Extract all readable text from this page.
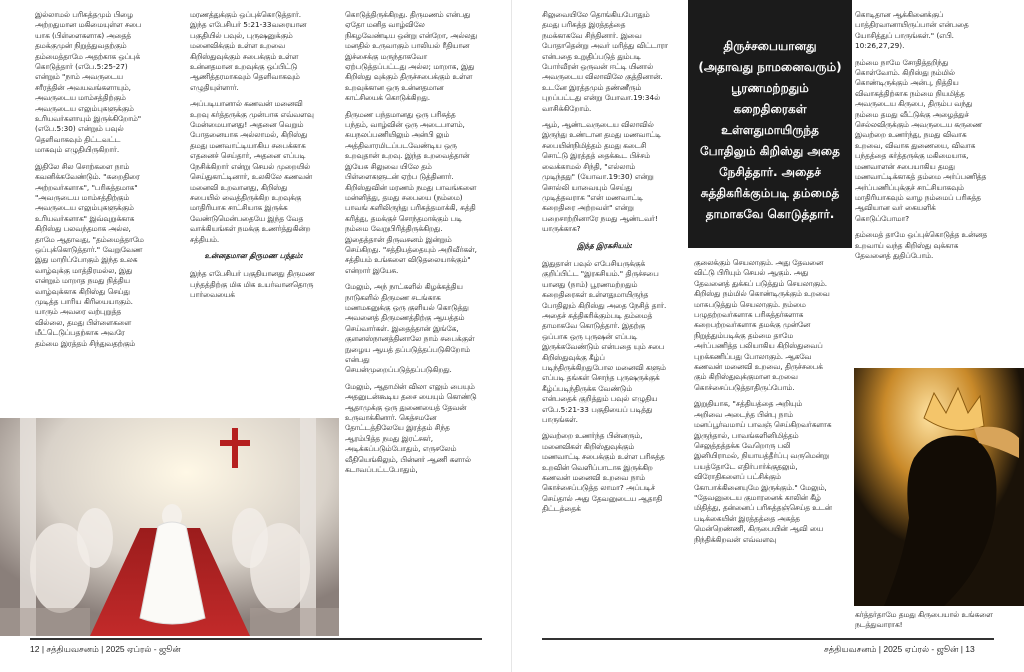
இல்லாமல் பரிசுத்தமும் பிழை அற்றதுமான மகிமையுள்ள சபை யாக (பிள்ளைகளாக) அதைத் தமக்குமுன் நிறுத்துவதற்கும் தம்மைத்தாமே அதற்காக ஒப்புக் கொடுத்தார் (எபே.5:25-27) என்றும் "நாம் அவருடைய சரீரத்தின் அவயவங்களாயும், அவருடைய மாம்சத்திற்கும் அவருடைய எலும்புகளுக்கும் உரியவர்களாயும் இருக்கிறோம்" (எபே.5:30) என்றும் பவுல் தெளிவாகவும் திட்டவட்ட மாகவும் எழுதியிருகிறார்.

இதிலே சில சொற்களை நாம் கவனிக்கவேண்டும். "கறைதிரை அற்றவர்களாக", "பரிசுத்தமாக" "அவருடைய மாம்சத்திற்கும் அவருடைய எலும்புகளுக்கும் உரியவர்களாக" இவ்வுறுக்காக கிறிஸ்து பலவந்தமாக அல்ல, தாமே ஆதாவது, "தம்மைத்தாமே ஒப்புக்கொடுத்தார்." வேறுவேண இது மாறிப்போகும் இந்த உலக வாழ்வுக்கு மாத்திரமல்ல, இது என்றும் மாறாத நமது நித்திய வாழ்வுக்காக கிறிஸ்து செய்து முடித்த பாரிய கிரியையாகும். யாரும் அவரை வற்புறுத்த வில்லை, தமது பிள்ளைகளை மீட்டெடுப்பதற்காக அவரே தம்மை இரத்தம் சிந்துவதற்கும்

மரணத்துக்கும் ஒப்புக்கொடுத்தார். இந்த எபேசியர் 5:21-33வரையான பகுதியில் பவுல், புருஷனுக்கும் மனைவிக்கும் உள்ள உறவை கிறிஸ்துவுக்கும் சபைக்கும் உள்ள உன்னதமான உறவுக்கு ஒப்பிட்டு ஆணித்தரமாகவும் தெளிவாகவும் எழுதியுள்ளார்.

அப்படியானால் கணவன் மனைவி உறவு கர்த்தருக்கு முன்பாக எவ்வளவு மேன்மையானது! அதனை வெறும் போதனையாக அல்லாமல், கிறிஸ்து தமது மணவாட்டியாகிய சபைக்காக எதனைச் செய்தார், அதனை எப்படி நேசிக்கிறார் என்று செயல் முறையில் செய்துகாட்டினார், உலகிலே கணவன் மனைவி உறவானது, கிறிஸ்து சபையில் வைத்திருக்கிற உறவுக்கு மாதிரியாக சாட்சியாக இருக்க வேண்டுமென்பதையே இந்த வேத வாக்கியங்கள் நமக்கு உணர்த்துகின்ற சத்தியம்.

உன்னதமான திருமண பந்தம்:

இந்த எபேசியர் பகுதியானது திருமண பந்தத்திற்கு மிக மிக உயர்வானதொரு பார்வையைக்

கொடுத்திருக்கிறது. திருமணம் என்பது ஏதோ மனித வாழ்விலே நிகழவேண்டிய ஒன்று என்றோ, அல்லது மனதில் உருவாகும் பாலியல் ரீதியான இச்சைக்கு மருந்தாகவோ ஏற்படுத்தப்பட்டது அல்ல; மாறாக, இது கிறிஸ்து வுக்கும் திருச்சபைக்கும் உள்ள உறவுக்கான ஒரு உன்னதமான காட்சியைக் கொடுக்கிறது.

திருமண பந்தமானது ஒரு பரிசுத்த பந்தம், வாழ்வின் ஒரு அடைபாளம், சுயநலப்பணியிலும் அன்பி லும் அத்திவாரமிடப்படவேண்டிய ஒரு உறவுதான் உறவு. இந்த உறவைத்தான் இயேசு சிலுவை யிலே தம் பிள்ளைகளுடன் ஏற்ப டுத்தினார். கிறிஸ்துவின் மரணம் நமது பாவங்களை மன்னித்து, தமது சபையை (நம்மை) பாவங் களிலிருந்து பரிசுத்தமாக்கி, சுத்தி கரித்து, தமக்குச் சொந்தமாக்கும் படி நம்மை வேறுபிரித்திருக்கிறது. இதைத்தான் திருவசனம் இன்றும் செய்கிறது. "சத்தியத்தையும் அறிவீர்கள், சத்தியம் உங்களை விடுதலையாக்கும்" என்றார் இயேசு.

மேலும், அந் நாட்களில் கிழக்கத்திய நாடுகளில் திருமண சடங்காக மணமகனுக்கு ஒரு குளியல் கொடுத்து அவனைத் திருமணத்திற்கு ஆயத்தம் செய்வார்கள். இதைத்தான் இங்கே, குளனஸ்நானத்தினாலே நாம் சபைக்குள் நுழைய ஆயத் தப்படுத்தப்படுகிறோம் என்பது செயன்முறைப்படுத்தப்படுகிறது.

மேலும், ஆதாமின் விலா எலும் பையும் அதனுடன்கூடிய தசை யையும் கொண்டு ஆதாமுக்கு ஒரு துணையைத் தேவன் உருவாக்கினார். கெத்சமனே தோட்டத்திலேயே இரத்தம் சிந்த ஆரம்பித்த நமது இரட்சகர், அடிக்கப்படும்போதும், எருசலேம் வீதியெங்கிலும், பின்னர் ஆணி களால் கடாவப்பட்டபோதும்,

12 | சத்தியவசனம் | 2025 ஏப்ரல் - ஜூன்

சிலுவையிலே தொங்கியபோதும் தமது பரிசுத்த இரத்தத்தை நமக்காகவே சிந்தினார். இவை போதாதென்று அவர் மரித்து விட்டாரா என்பதை உறுதிப்படுத் தும்படி போர்வீரன் ஒருவன் ஈட்டி யினால் அவருடைய விலாவிலே குத்தினான். உடனே இரத்தமும் தண்ணீரும் புறப்பட்டது என்று யோவா.19:34ல் வாசிக்கிறோம்.

ஆம், ஆண்டவருடைய விலாவில் இருந்து உண்டான தமது மணவாட்டி சபையின்நிமித்தம் தமது கடைசி சொட்டு இரத்தத் தைக்கூட பிச்சம் வைக்காமல் சிந்தி, "எல்லாம் முடிந்தது" (யோவா.19:30) என்று சொல்லி யாவையும் செய்து முடித்தவராக "என் மணவாட்டி கறைதிரை அற்றவள்" என்று பறைசாற்றினாரே நமது ஆண்டவர்! யாருக்காக?

இந்த இரகசியம்:

இதுதான் பவுல் எபேசியருக்குக் குறிப்பிட்ட "இரகசியம்." திருச்சபை யானது (நாம்) பூரணமற்றதும் கறைதிரைகள் உள்ளதுமாயிருந்த போதிலும் கிறிஸ்து அதை நேசித் தார். அதைச் சுத்திகரிக்கும்படி தம்மைத் தாமாகவே கொடுத்தார். இதற்கு ஒப்பாக ஒரு புருஷன் எப்படி இருக்கவேண்டும் என்பதை யும் சபை கிறிஸ்துவுக்கு கீழ்ப் படிந்திருக்கிறதுபோல மனைவி களும் எப்படி தங்கள் சொந்த புருஷருக்குக் கீழ்ப்படிந்திருக்க வேண்டும் என்பதைக் குறித்தும் பவுல் எழுதிய எபே.5:21-33 பகுதியைப் படித்து பாருங்கள்.

இவற்றை உணர்ந்த பின்னரும், மனைவிகள் கிறிஸ்துவுக்கும் மணவாட்டி சபைக்கும் உள்ள பரிசுத்த உறவின் வெளிப்பாடாக இருக்கிற கணவன் மனைவி உறவை நாம் கொச்சைப்படுத்த லாமா? அப்படிச் செய்தால் அது தேவனுடைய ஆதாதி திட்டத்தைக்

குலைக்கும் செயலாகும். அது தேவனை விட்டு பிரியும் செயல் ஆகும். அது தேவனைத் துக்கப் படுத்தும் செயலாகும். கிறிஸ்து நம்மில் கொண்டிருக்கும் உறவை மாசுபடுத்தும் செயலாகும். நம்மை பழுதற்றவர்களாக பரிசுத்தர்களாக கறைபற்றவர்களாக தமக்கு முன்னே நிறுத்தும்படிக்கு தம்மை தாமே அர்ப்பணித்த பலியாகிய கிறிஸ்துவைப் புறக்கணிப்பது போலாகும். ஆகவே கணவன் மனைவி உறவை, திருச்சபைக் கும் கிறிஸ்துவுக்குமான உறவை கொச்சைப்படுத்தாதிருப்போம்.

இறுதியாக, "சத்தியத்தை அறியும் அறிவை அடைந்த பின்பு நாம் மனப்பூர்வமாய் பாவஞ் செய்கிறவர்களாக இருந்தால், பாவங்களினிமித்தம் செலுத்தத்தக்க வேறொரு பலி இனியிராமல், நியாயத்தீர்ப்பு வருமென்று பயத்தோடே எதிர்பார்க்குதலும், விரோதிகளைப் பட்சிக்கும் கோபாக்கினையுமே இருக்கும்." மேலும், "தேவனுடைய குமாரனைக் காலின் கீழ் மிதித்து, தன்னைப் பரிசுத்தஞ்செய்த உடன் படிக்கையின் இரத்தத்தை அசுத்த மென்றெண்ணி, கிருபையின் ஆவி யை நிந்திக்கிறவன் எவ்வளவு

கொடிதான ஆக்கினைக்குப் பாத்திரவானாயிருப்பான் என்பதை யோசித்துப் பாருங்கள்." (எபி. 10:26,27,29).

நம்மை நாமே சோதித்தறிந்து கொள்வோம். கிறிஸ்து நம்மில் கொண்டிருக்கும் அன்பு, நித்திய விவாகத்திற்காக நம்மை நியமித்த அவருடைய கிருபை, திரும்ப வந்து நம்மை தமது வீட்டுக்கு அழைத்துச் செல்லவிருக்கும் அவருடைய கருணை இவற்றை உணர்ந்து, நமது விவாக உறவை, விவாக துணையை, விவாக பந்தத்தை கர்த்தருக்கு மகிமையாக, மணவாளன் சபையாகிய தமது மணவாட்டிக்காகத் தம்மை அர்ப்பணித்த அர்ப்பணிப்புக்குச் சாட்சியாகவும் மாதிரியாகவும் வாழ நம்மைப் பரிசுத்த ஆவியான வர் கையளிக் கொடுப்போமா?

தம்மைத் தாமே ஒப்புக்கொடுத்த உன்னத உறவாய் வந்த கிறிஸ்து வுக்காக தேவனைத் துதிப்போம்.

கர்த்தர்தாமே தமது கிருபையால் உங்களை நடத்துவாராக!

சத்தியவசனம் | 2025 ஏப்ரல் - ஜூன் | 13
திருச்சபையானது (அதாவது நாமனைவரும்) பூரணமற்றதும் கறைதிரைகள் உள்ளதுமாயிருந்த போதிலும் கிறிஸ்து அதை நேசித்தார். அதைச் சுத்திகரிக்கும்படி தம்மைத் தாமாகவே கொடுத்தார்.
